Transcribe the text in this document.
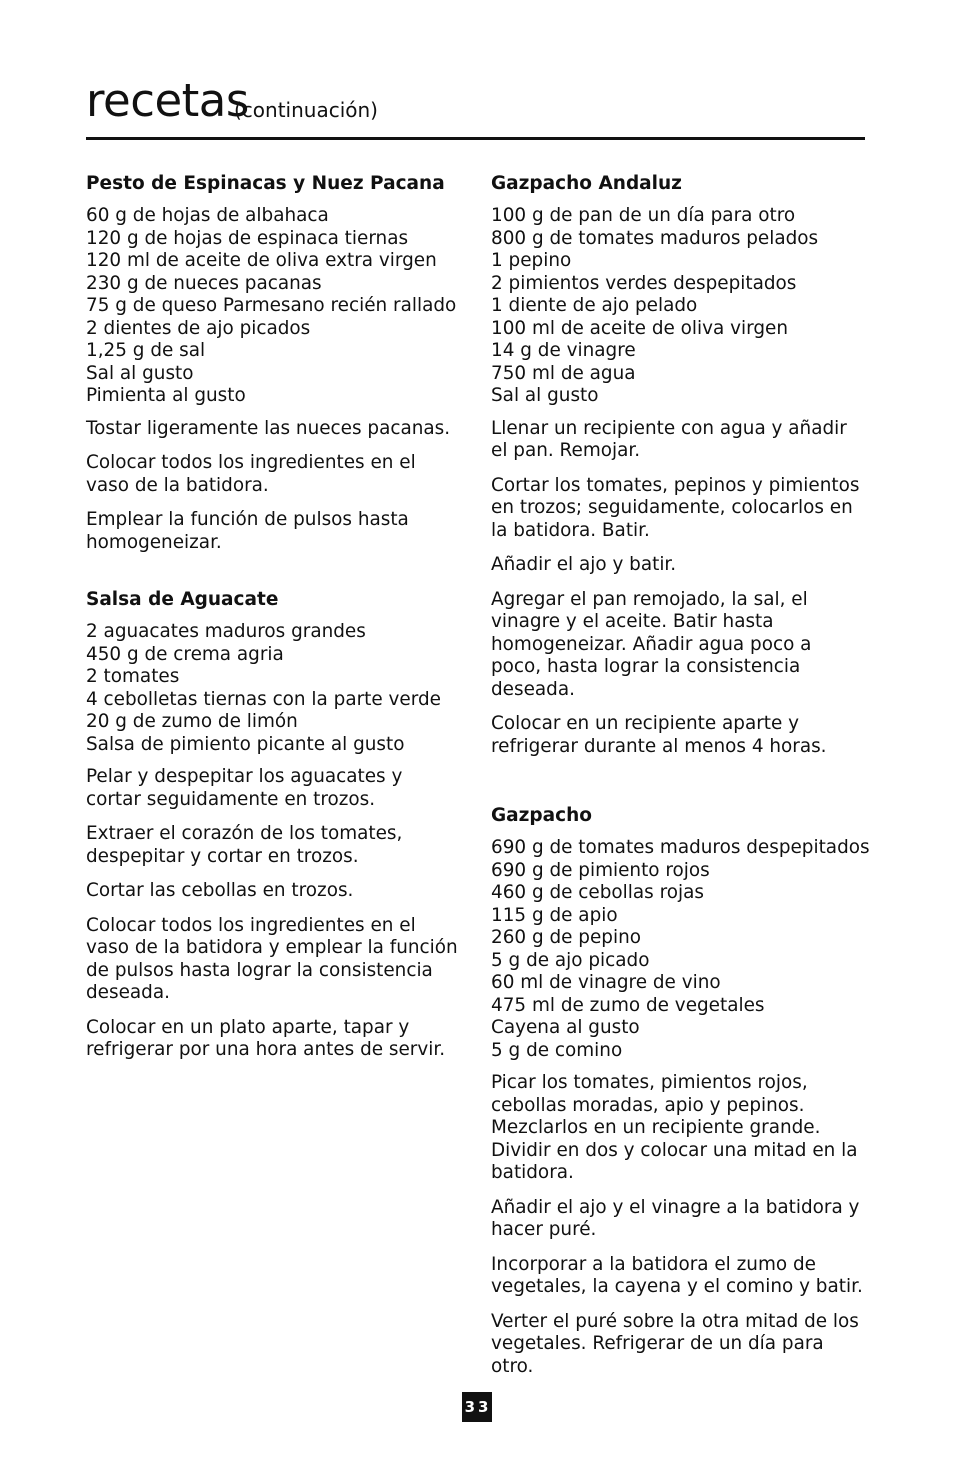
recetas
(continuación)
Pesto de Espinacas y Nuez Pacana
60 g de hojas de albahaca
120 g de hojas de espinaca tiernas
120 ml de aceite de oliva extra virgen
230 g de nueces pacanas
75 g de queso Parmesano recién rallado
2 dientes de ajo picados
1,25 g de sal
Sal al gusto
Pimienta al gusto

Tostar ligeramente las nueces pacanas.

Colocar todos los ingredientes en el vaso de la batidora.

Emplear la función de pulsos hasta homogeneizar.

Salsa de Aguacate
2 aguacates maduros grandes
450 g de crema agria
2 tomates
4 cebolletas tiernas con la parte verde
20 g de zumo de limón
Salsa de pimiento picante al gusto

Pelar y despepitar los aguacates y cortar seguidamente en trozos.

Extraer el corazón de los tomates, despepitar y cortar en trozos.

Cortar las cebollas en trozos.

Colocar todos los ingredientes en el vaso de la batidora y emplear la función de pulsos hasta lograr la consistencia deseada.

Colocar en un plato aparte, tapar y refrigerar por una hora antes de servir.

Gazpacho Andaluz
100 g de pan de un día para otro
800 g de tomates maduros pelados
1 pepino
2 pimientos verdes despepitados
1 diente de ajo pelado
100 ml de aceite de oliva virgen
14 g de vinagre
750 ml de agua
Sal al gusto

Llenar un recipiente con agua y añadir el pan. Remojar.

Cortar los tomates, pepinos y pimientos en trozos; seguidamente, colocarlos en la batidora. Batir.

Añadir el ajo y batir.

Agregar el pan remojado, la sal, el vinagre y el aceite. Batir hasta homogeneizar. Añadir agua poco a poco, hasta lograr la consistencia deseada.

Colocar en un recipiente aparte y refrigerar durante al menos 4 horas.

Gazpacho
690 g de tomates maduros despepitados
690 g de pimiento rojos
460 g de cebollas rojas
115 g de apio
260 g de pepino
5 g de ajo picado
60 ml de vinagre de vino
475 ml de zumo de vegetales
Cayena al gusto
5 g de comino

Picar los tomates, pimientos rojos, cebollas moradas, apio y pepinos. Mezclarlos en un recipiente grande. Dividir en dos y colocar una mitad en la batidora.

Añadir el ajo y el vinagre a la batidora y hacer puré.

Incorporar a la batidora el zumo de vegetales, la cayena y el comino y batir.

Verter el puré sobre la otra mitad de los vegetales. Refrigerar de un día para otro.

33
